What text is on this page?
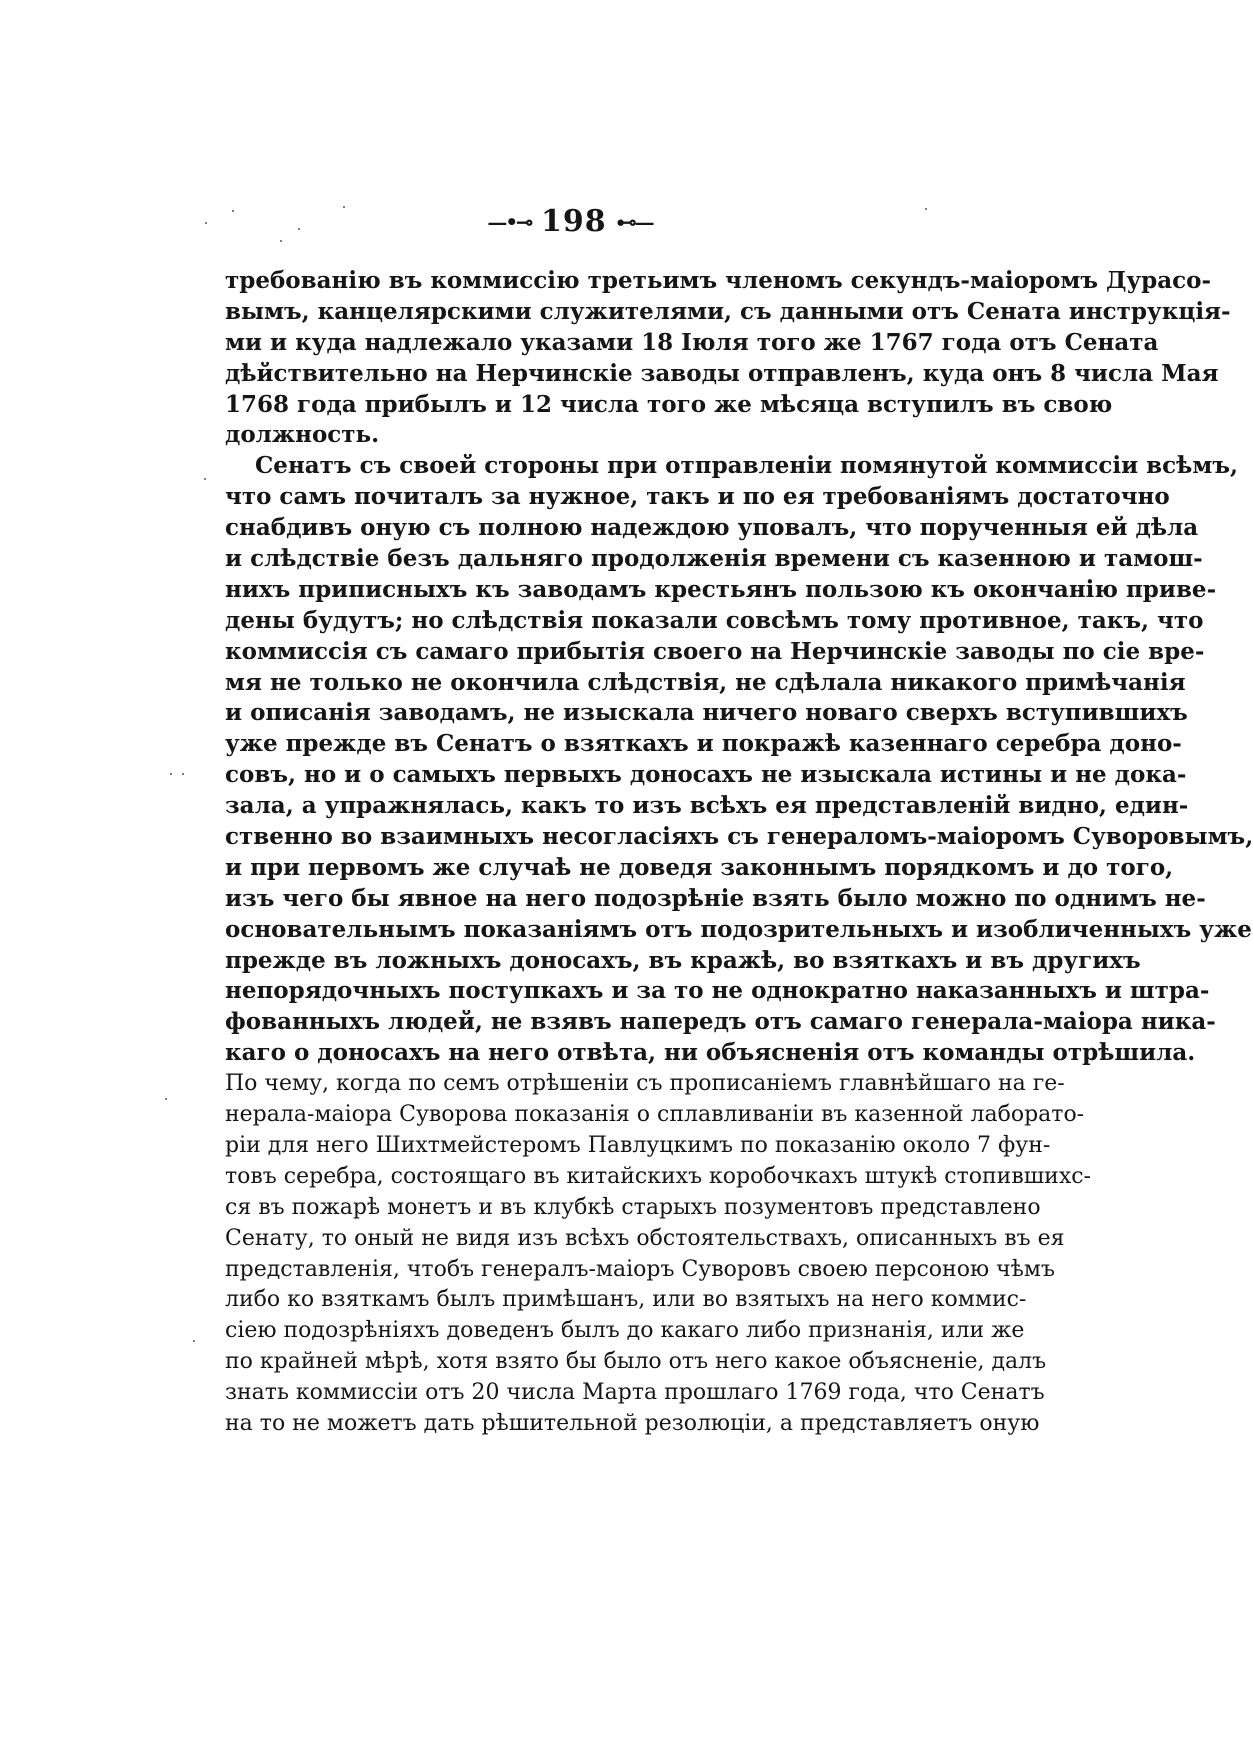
—•⊸ 198 ⊷—
требованію въ коммиссію третьимъ членомъ секундъ-маіоромъ Дурасо-
вымъ, канцелярскими служителями, съ данными отъ Сената инструкція-
ми и куда надлежало указами 18 Іюля того же 1767 года отъ Сената
дѣйствительно на Нерчинскіе заводы отправленъ, куда онъ 8 числа Мая
1768 года прибылъ и 12 числа того же мѣсяца вступилъ въ свою
должность.
Сенатъ съ своей стороны при отправленіи помянутой коммиссіи всѣмъ,
что самъ почиталъ за нужное, такъ и по ея требованіямъ достаточно
снабдивъ оную съ полною надеждою уповалъ, что порученныя ей дѣла
и слѣдствіе безъ дальняго продолженія времени съ казенною и тамош-
нихъ приписныхъ къ заводамъ крестьянъ пользою къ окончанію приве-
дены будутъ; но слѣдствія показали совсѣмъ тому противное, такъ, что
коммиссія съ самаго прибытія своего на Нерчинскіе заводы по сіе вре-
мя не только не окончила слѣдствія, не сдѣлала никакого примѣчанія
и описанія заводамъ, не изыскала ничего новаго сверхъ вступившихъ
уже прежде въ Сенатъ о взяткахъ и покражѣ казеннаго серебра доно-
совъ, но и о самыхъ первыхъ доносахъ не изыскала истины и не дока-
зала, а упражнялась, какъ то изъ всѣхъ ея представленій видно, един-
ственно во взаимныхъ несогласіяхъ съ генераломъ-маіоромъ Суворовымъ,
и при первомъ же случаѣ не доведя законнымъ порядкомъ и до того,
изъ чего бы явное на него подозрѣніе взять было можно по однимъ не-
основательнымъ показаніямъ отъ подозрительныхъ и изобличенныхъ уже
прежде въ ложныхъ доносахъ, въ кражѣ, во взяткахъ и въ другихъ
непорядочныхъ поступкахъ и за то не однократно наказанныхъ и штра-
фованныхъ людей, не взявъ напередъ отъ самаго генерала-маіора ника-
каго о доносахъ на него отвѣта, ни объясненія отъ команды отрѣшила.
По чему, когда по семъ отрѣшеніи съ прописаніемъ главнѣйшаго на ге-
нерала-маіора Суворова показанія о сплавливаніи въ казенной лаборато-
ріи для него Шихтмейстеромъ Павлуцкимъ по показанію около 7 фун-
товъ серебра, состоящаго въ китайскихъ коробочкахъ штукѣ стопившихс-
ся въ пожарѣ монетъ и въ клубкѣ старыхъ позументовъ представлено
Сенату, то оный не видя изъ всѣхъ обстоятельствахъ, описанныхъ въ ея
представленія, чтобъ генералъ-маіоръ Суворовъ своею персоною чѣмъ
либо ко взяткамъ былъ примѣшанъ, или во взятыхъ на него коммис-
сіею подозрѣніяхъ доведенъ былъ до какаго либо признанія, или же
по крайней мѣрѣ, хотя взято бы было отъ него какое объясненіе, далъ
знать коммиссіи отъ 20 числа Марта прошлаго 1769 года, что Сенатъ
на то не можетъ дать рѣшительной резолюціи, а представляетъ оную
